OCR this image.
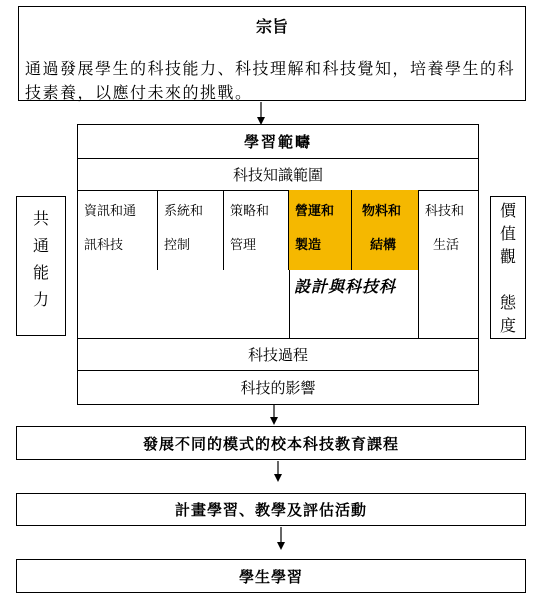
宗旨
通過發展學生的科技能力、科技理解和科技覺知，培養學生的科技素養，以應付未來的挑戰。
共
通
能
力
價
值
觀
態
度
學習範疇
科技知識範圍
資訊和通
訊科技
系統和
控制
策略和
管理
營運和
製造
物料和
結構
科技和
生活
設計與科技科
科技過程
科技的影響
發展不同的模式的校本科技教育課程
計畫學習、教學及評估活動
學生學習
